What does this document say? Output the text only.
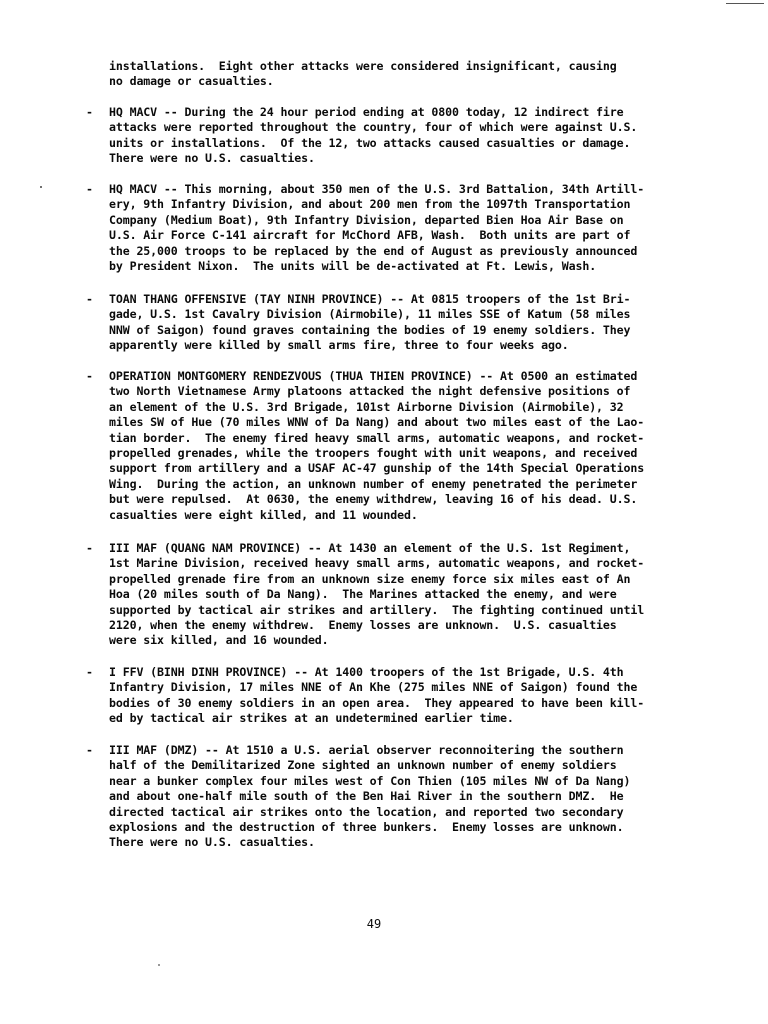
installations.  Eight other attacks were considered insignificant, causing
no damage or casualties.

-	HQ MACV -- During the 24 hour period ending at 0800 today, 12 indirect fire
attacks were reported throughout the country, four of which were against U.S.
units or installations.  Of the 12, two attacks caused casualties or damage.
There were no U.S. casualties.

-	HQ MACV -- This morning, about 350 men of the U.S. 3rd Battalion, 34th Artill-
ery, 9th Infantry Division, and about 200 men from the 1097th Transportation
Company (Medium Boat), 9th Infantry Division, departed Bien Hoa Air Base on
U.S. Air Force C-141 aircraft for McChord AFB, Wash.  Both units are part of
the 25,000 troops to be replaced by the end of August as previously announced
by President Nixon.  The units will be de-activated at Ft. Lewis, Wash.

-	TOAN THANG OFFENSIVE (TAY NINH PROVINCE) -- At 0815 troopers of the 1st Bri-
gade, U.S. 1st Cavalry Division (Airmobile), 11 miles SSE of Katum (58 miles
NNW of Saigon) found graves containing the bodies of 19 enemy soldiers. They
apparently were killed by small arms fire, three to four weeks ago.

-	OPERATION MONTGOMERY RENDEZVOUS (THUA THIEN PROVINCE) -- At 0500 an estimated
two North Vietnamese Army platoons attacked the night defensive positions of
an element of the U.S. 3rd Brigade, 101st Airborne Division (Airmobile), 32
miles SW of Hue (70 miles WNW of Da Nang) and about two miles east of the Lao-
tian border.  The enemy fired heavy small arms, automatic weapons, and rocket-
propelled grenades, while the troopers fought with unit weapons, and received
support from artillery and a USAF AC-47 gunship of the 14th Special Operations
Wing.  During the action, an unknown number of enemy penetrated the perimeter
but were repulsed.  At 0630, the enemy withdrew, leaving 16 of his dead. U.S.
casualties were eight killed, and 11 wounded.

-	III MAF (QUANG NAM PROVINCE) -- At 1430 an element of the U.S. 1st Regiment,
1st Marine Division, received heavy small arms, automatic weapons, and rocket-
propelled grenade fire from an unknown size enemy force six miles east of An
Hoa (20 miles south of Da Nang).  The Marines attacked the enemy, and were
supported by tactical air strikes and artillery.  The fighting continued until
2120, when the enemy withdrew.  Enemy losses are unknown.  U.S. casualties
were six killed, and 16 wounded.

-	I FFV (BINH DINH PROVINCE) -- At 1400 troopers of the 1st Brigade, U.S. 4th
Infantry Division, 17 miles NNE of An Khe (275 miles NNE of Saigon) found the
bodies of 30 enemy soldiers in an open area.  They appeared to have been kill-
ed by tactical air strikes at an undetermined earlier time.

-	III MAF (DMZ) -- At 1510 a U.S. aerial observer reconnoitering the southern
half of the Demilitarized Zone sighted an unknown number of enemy soldiers
near a bunker complex four miles west of Con Thien (105 miles NW of Da Nang)
and about one-half mile south of the Ben Hai River in the southern DMZ.  He
directed tactical air strikes onto the location, and reported two secondary
explosions and the destruction of three bunkers.  Enemy losses are unknown.
There were no U.S. casualties.

49
